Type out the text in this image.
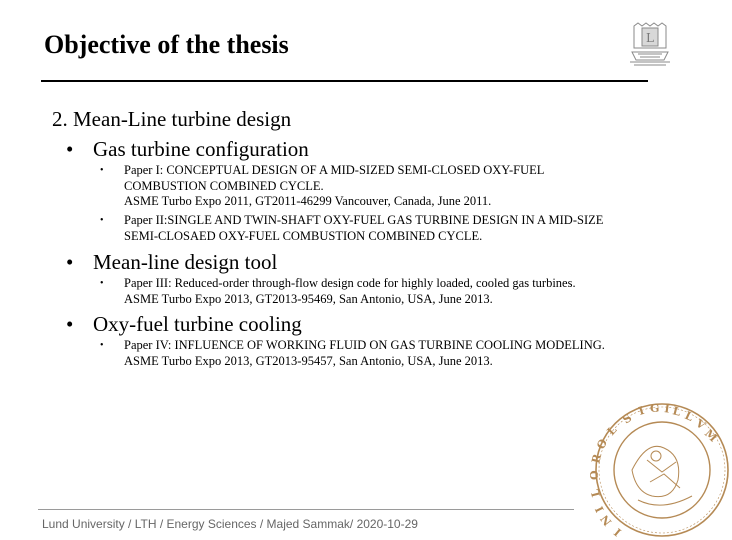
Objective of the thesis	L
2. Mean-Line turbine design
• Gas turbine configuration
• Paper I: CONCEPTUAL DESIGN OF A MID-SIZED SEMI-CLOSED OXY-FUEL
COMBUSTION COMBINED CYCLE.
ASME Turbo Expo 2011, GT2011-46299 Vancouver, Canada, June 2011.
• Paper II:SINGLE AND TWIN-SHAFT OXY-FUEL GAS TURBINE DESIGN IN A MID-SIZE
SEMI-CLOSAED OXY-FUEL COMBUSTION COMBINED CYCLE.
• Mean-line design tool
• Paper III: Reduced-order through-flow design code for highly loaded, cooled gas turbines.
ASME Turbo Expo 2013, GT2013-95469, San Antonio, USA, June 2013.
• Oxy-fuel turbine cooling
• Paper IV: INFLUENCE OF WORKING FLUID ON GAS TURBINE COOLING MODELING.
ASME Turbo Expo 2013, GT2013-95457, San Antonio, USA, June 2013.
S
I G I L L
V
M
L
O
R
O
L
I
N
I
Lund University / LTH / Energy Sciences / Majed Sammak/ 2020-10-29
